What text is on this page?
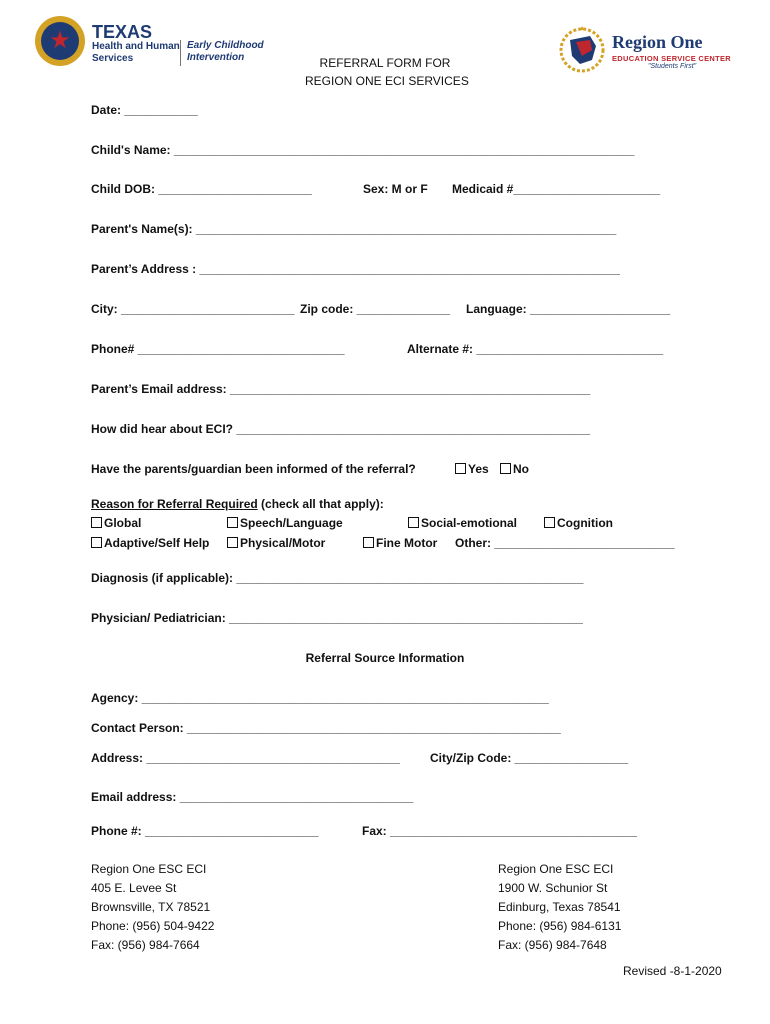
★	TEXAS
Health and Human
Services
Early Childhood
Intervention	REFERRAL FORM FOR
REGION ONE ECI SERVICES
Region One
EDUCATION SERVICE CENTER
"Students First"
Date: ___________
Child's Name: _____________________________________________________________________
Child DOB: _______________________	Sex: M or F Medicaid #______________________
Parent's Name(s): _______________________________________________________________
Parent’s Address : _______________________________________________________________
City: __________________________ Zip code: ______________ Language: _____________________
Phone# _______________________________	Alternate #: ____________________________
Parent’s Email address: ______________________________________________________
How did hear about ECI? _____________________________________________________
Have the parents/guardian been informed of the referral?	Yes	No
Reason for Referral Required (check all that apply):
Global	Speech/Language	Social-emotional	Cognition
Adaptive/Self Help	Physical/Motor	Fine Motor Other: ___________________________
Diagnosis (if applicable): ____________________________________________________
Physician/ Pediatrician: _____________________________________________________
Referral Source Information
Agency: _____________________________________________________________
Contact Person: ________________________________________________________
Address: ______________________________________	City/Zip Code: _________________
Email address: ___________________________________
Phone #: __________________________	Fax: _____________________________________
Region One ESC ECI
405 E. Levee St
Brownsville, TX 78521
Phone: (956) 504-9422
Fax: (956) 984-7664
Region One ESC ECI
1900 W. Schunior St
Edinburg, Texas 78541
Phone: (956) 984-6131
Fax: (956) 984-7648
Revised -8-1-2020
